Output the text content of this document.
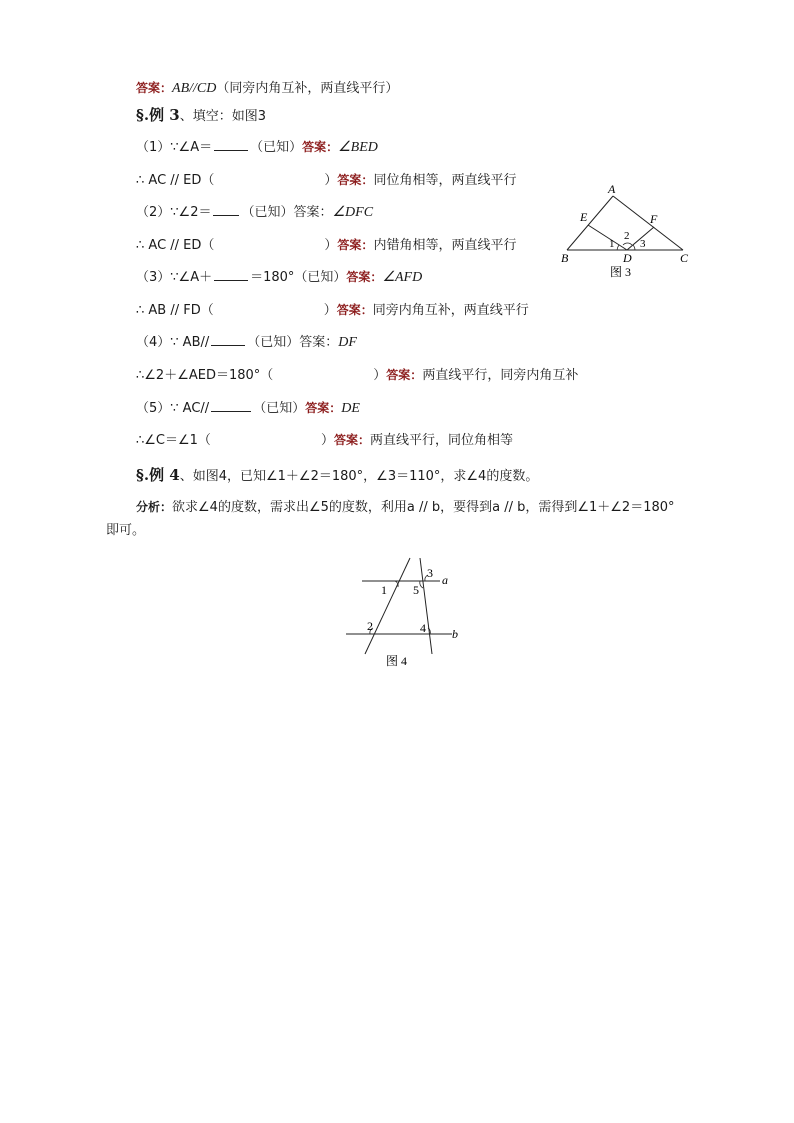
答案：AB//CD（同旁内角互补，两直线平行）
§.例 3、填空：如图3
（1）∵∠A＝	（已知）答案：∠BED
∴ AC // ED（	）答案：同位角相等，两直线平行
（2）∵∠2＝ （已知）答案：∠DFC
∴ AC // ED（	）答案：内错角相等，两直线平行
（3）∵∠A＋	＝180°（已知）答案：∠AFD
∴ AB // FD（	）答案：同旁内角互补，两直线平行
（4）∵ AB//	（已知）答案：DF
∴∠2＋∠AED＝180°（	）答案：两直线平行，同旁内角互补
（5）∵ AC//	（已知）答案：DE
∴∠C＝∠1（	）答案：两直线平行，同位角相等
A
E	F
B	C
D
1
2
3
图 3
§.例 4、如图4，已知∠1＋∠2＝180°，∠3＝110°，求∠4的度数。
分析：欲求∠4的度数，需求出∠5的度数，利用a // b，要得到a // b，需得到∠1＋∠2＝180°
即可。
1
3
5
2	4
a
b
图 4
